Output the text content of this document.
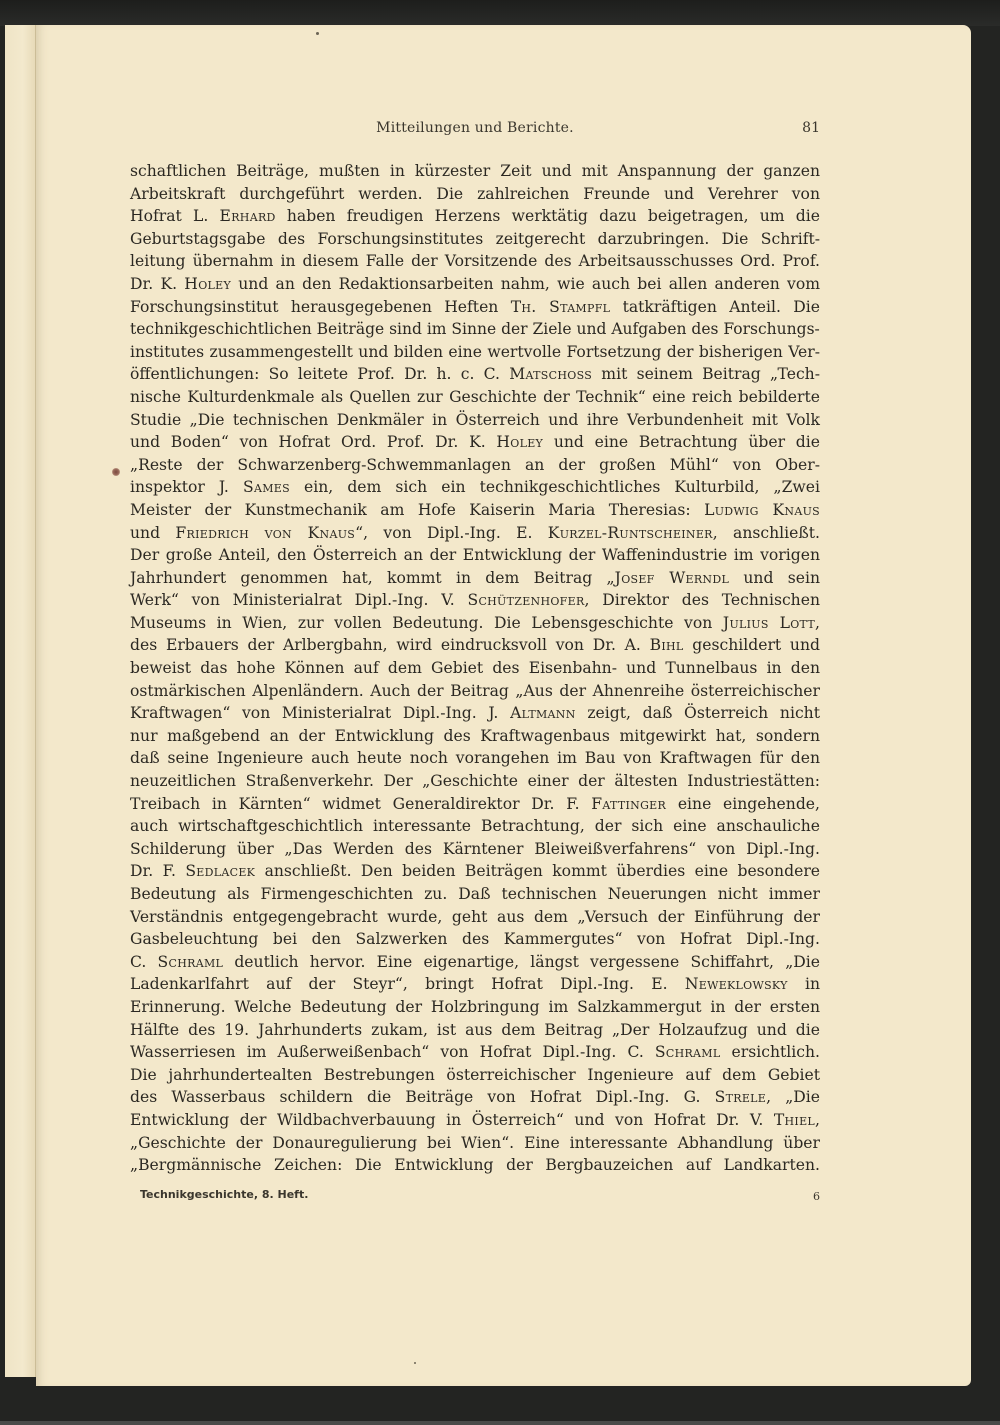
Mitteilungen und Berichte.	81
schaftlichen Beiträge, mußten in kürzester Zeit und mit Anspannung der ganzen
Arbeitskraft durchgeführt werden. Die zahlreichen Freunde und Verehrer von
Hofrat L. Erhard haben freudigen Herzens werktätig dazu beigetragen, um die
Geburtstagsgabe des Forschungsinstitutes zeitgerecht darzubringen. Die Schrift-
leitung übernahm in diesem Falle der Vorsitzende des Arbeitsausschusses Ord. Prof.
Dr. K. Holey und an den Redaktionsarbeiten nahm, wie auch bei allen anderen vom
Forschungsinstitut herausgegebenen Heften Th. Stampfl tatkräftigen Anteil. Die
technikgeschichtlichen Beiträge sind im Sinne der Ziele und Aufgaben des Forschungs-
institutes zusammengestellt und bilden eine wertvolle Fortsetzung der bisherigen Ver-
öffentlichungen: So leitete Prof. Dr. h. c. C. Matschoss mit seinem Beitrag „Tech-
nische Kulturdenkmale als Quellen zur Geschichte der Technik“ eine reich bebilderte
Studie „Die technischen Denkmäler in Österreich und ihre Verbundenheit mit Volk
und Boden“ von Hofrat Ord. Prof. Dr. K. Holey und eine Betrachtung über die
„Reste der Schwarzenberg-Schwemmanlagen an der großen Mühl“ von Ober-
inspektor J. Sames ein, dem sich ein technikgeschichtliches Kulturbild, „Zwei
Meister der Kunstmechanik am Hofe Kaiserin Maria Theresias: Ludwig Knaus
und Friedrich von Knaus“, von Dipl.-Ing. E. Kurzel-Runtscheiner, anschließt.
Der große Anteil, den Österreich an der Entwicklung der Waffenindustrie im vorigen
Jahrhundert genommen hat, kommt in dem Beitrag „Josef Werndl und sein
Werk“ von Ministerialrat Dipl.-Ing. V. Schützenhofer, Direktor des Technischen
Museums in Wien, zur vollen Bedeutung. Die Lebensgeschichte von Julius Lott,
des Erbauers der Arlbergbahn, wird eindrucksvoll von Dr. A. Bihl geschildert und
beweist das hohe Können auf dem Gebiet des Eisenbahn- und Tunnelbaus in den
ostmärkischen Alpenländern. Auch der Beitrag „Aus der Ahnenreihe österreichischer
Kraftwagen“ von Ministerialrat Dipl.-Ing. J. Altmann zeigt, daß Österreich nicht
nur maßgebend an der Entwicklung des Kraftwagenbaus mitgewirkt hat, sondern
daß seine Ingenieure auch heute noch vorangehen im Bau von Kraftwagen für den
neuzeitlichen Straßenverkehr. Der „Geschichte einer der ältesten Industriestätten:
Treibach in Kärnten“ widmet Generaldirektor Dr. F. Fattinger eine eingehende,
auch wirtschaftgeschichtlich interessante Betrachtung, der sich eine anschauliche
Schilderung über „Das Werden des Kärntener Bleiweißverfahrens“ von Dipl.-Ing.
Dr. F. Sedlacek anschließt. Den beiden Beiträgen kommt überdies eine besondere
Bedeutung als Firmengeschichten zu. Daß technischen Neuerungen nicht immer
Verständnis entgegengebracht wurde, geht aus dem „Versuch der Einführung der
Gasbeleuchtung bei den Salzwerken des Kammergutes“ von Hofrat Dipl.-Ing.
C. Schraml deutlich hervor. Eine eigenartige, längst vergessene Schiffahrt, „Die
Ladenkarlfahrt auf der Steyr“, bringt Hofrat Dipl.-Ing. E. Neweklowsky in
Erinnerung. Welche Bedeutung der Holzbringung im Salzkammergut in der ersten
Hälfte des 19. Jahrhunderts zukam, ist aus dem Beitrag „Der Holzaufzug und die
Wasserriesen im Außerweißenbach“ von Hofrat Dipl.-Ing. C. Schraml ersichtlich.
Die jahrhundertealten Bestrebungen österreichischer Ingenieure auf dem Gebiet
des Wasserbaus schildern die Beiträge von Hofrat Dipl.-Ing. G. Strele, „Die
Entwicklung der Wildbachverbauung in Österreich“ und von Hofrat Dr. V. Thiel,
„Geschichte der Donauregulierung bei Wien“. Eine interessante Abhandlung über
„Bergmännische Zeichen: Die Entwicklung der Bergbauzeichen auf Landkarten.
Technikgeschichte, 8. Heft.	6
